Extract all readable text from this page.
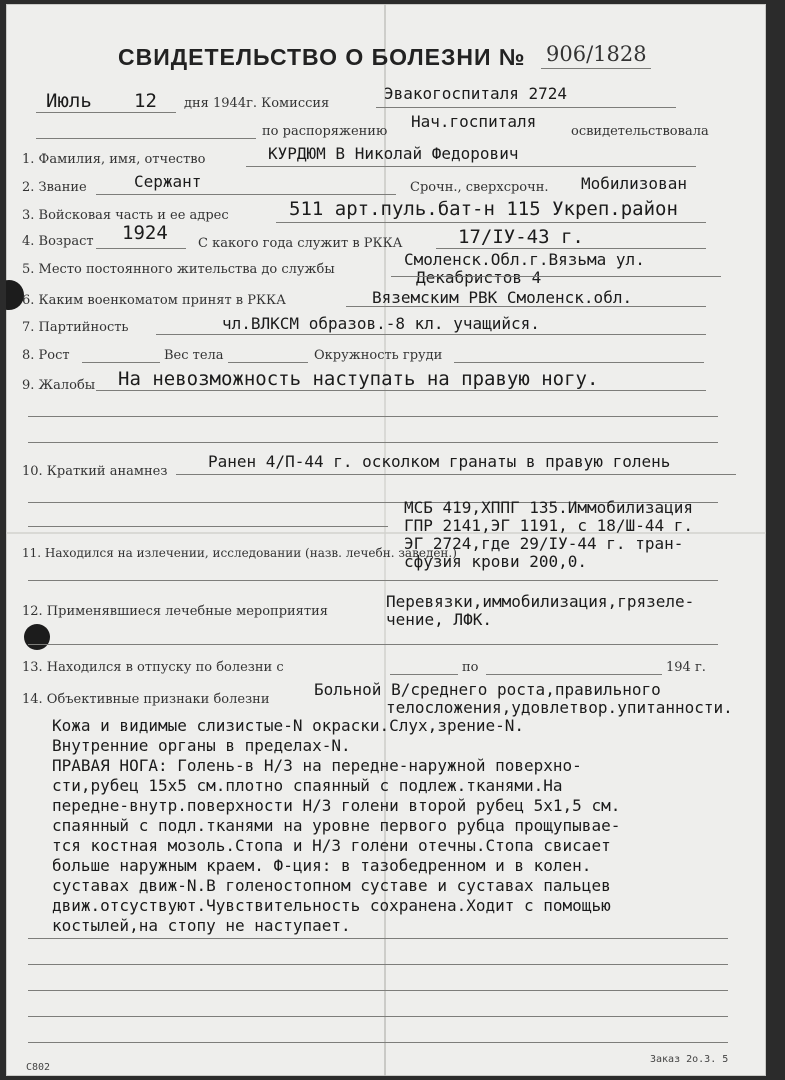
СВИДЕТЕЛЬСТВО О БОЛЕЗНИ № 906/1828
Июль 12 дня 1944г. Комиссия
Эвакогоспиталя 2724
по распоряжению
Нач.госпиталя
освидетельствовала
1. Фамилия, имя, отчество	КУРДЮМ В Николай Федорович
2. Звание	Сержант	Срочн., сверхсрочн. Мобилизован
3. Войсковая часть и ее адрес	511 арт.пуль.бат-н 115 Укреп.район
4. Возраст 1924 С какого года служит в РККА	17/IУ-43 г.
5. Место постоянного жительства до службы
Смоленск.Обл.г.Вязьма ул.
Декабристов 4
6. Каким военкоматом принят в РККА	Вяземским РВК Смоленск.обл.
7. Партийность	чл.ВЛКСМ образов.-8 кл. учащийся.
8. Рост	Вес тела	Окружность груди
9. Жалобы На невозможность наступать на правую ногу.
10. Краткий анамнез
Ранен 4/П-44 г. осколком гранаты в правую голень
МСБ 419,ХППГ 135.Иммобилизация
ГПР 2141,ЭГ 1191, с 18/Ш-44 г.
ЭГ 2724,где 29/IУ-44 г. тран-
сфузия крови 200,0.
11. Находился на излечении, исследовании (назв. лечебн. заведен.)
12. Применявшиеся лечебные мероприятия
Перевязки,иммобилизация,грязеле-
чение, ЛФК.
13. Находился в отпуску по болезни с	по	194 г.
14. Объективные признаки болезни
Больной В/среднего роста,правильного
телосложения,удовлетвор.упитанности.
Кожа и видимые слизистые-N окраски.Слух,зрение-N.
Внутренние органы в пределах-N.
ПРАВАЯ НОГА: Голень-в Н/3 на передне-наружной поверхно-
сти,рубец 15х5 см.плотно спаянный с подлеж.тканями.На
передне-внутр.поверхности Н/3 голени второй рубец 5х1,5 см.
спаянный с подл.тканями на уровне первого рубца прощупывае-
тся костная мозоль.Стопа и Н/3 голени отечны.Стопа свисает
больше наружным краем. Ф-ция: в тазобедренном и в колен.
суставах движ-N.В голеностопном суставе и суставах пальцев
движ.отсуствуют.Чувствительность сохранена.Ходит с помощью
костылей,на стопу не наступает.
Заказ 2о.3. 5
С802
